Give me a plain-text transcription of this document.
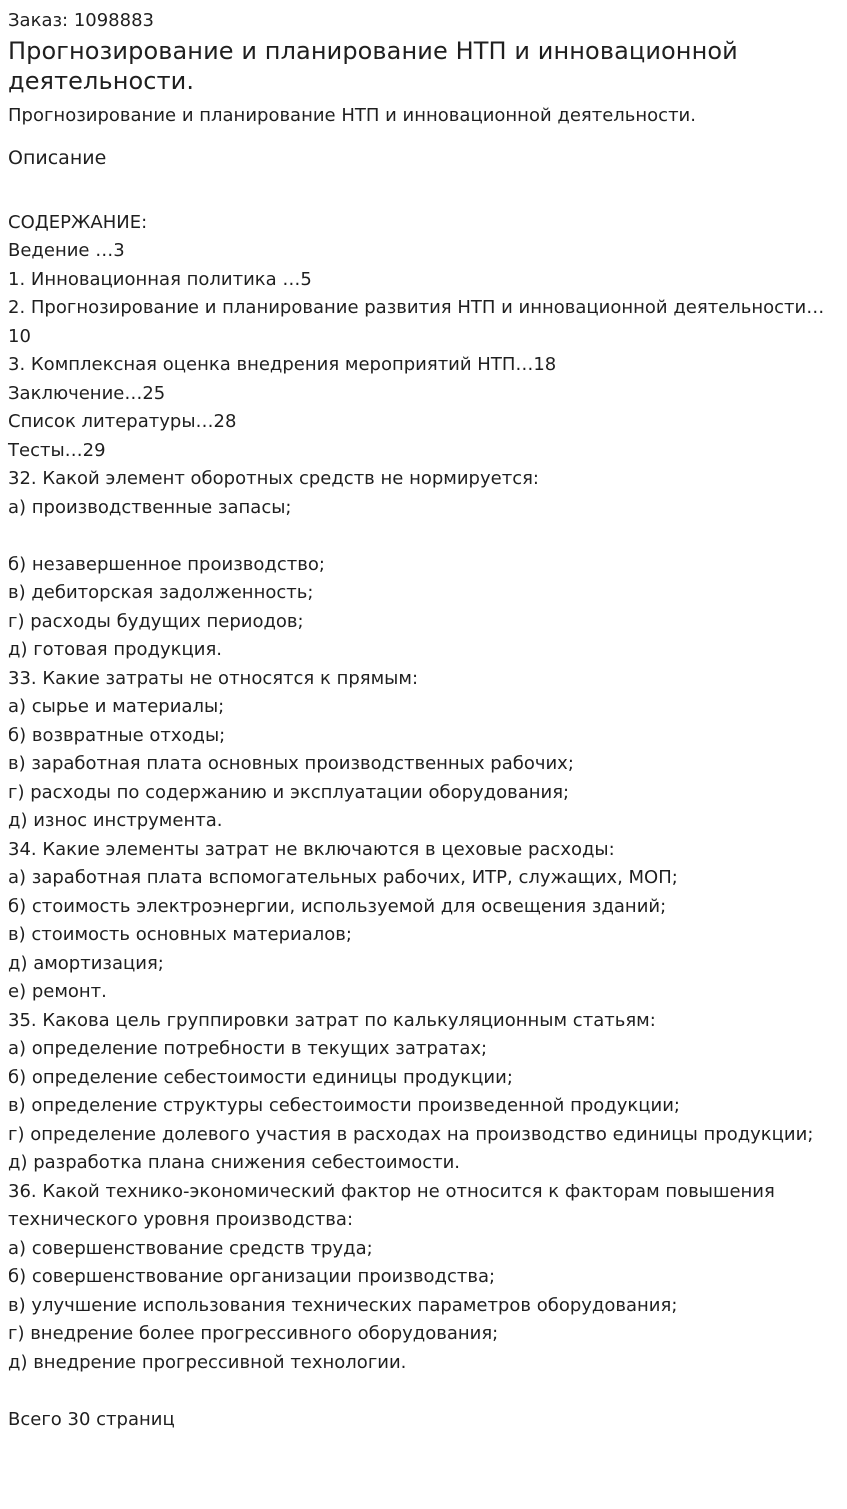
Заказ: 1098883
Прогнозирование и планирование НТП и инновационной деятельности.
Прогнозирование и планирование НТП и инновационной деятельности.
Описание
СОДЕРЖАНИЕ:
Ведение …3
1. Инновационная политика …5
2. Прогнозирование и планирование развития НТП и инновационной деятельности…10
3. Комплексная оценка внедрения мероприятий НТП…18
Заключение…25
Список литературы…28
Тесты…29
32. Какой элемент оборотных средств не нормируется:
а) производственные запасы;
б) незавершенное производство;
в) дебиторская задолженность;
г) расходы будущих периодов;
д) готовая продукция.
33. Какие затраты не относятся к прямым:
а) сырье и материалы;
б) возвратные отходы;
в) заработная плата основных производственных рабочих;
г) расходы по содержанию и эксплуатации оборудования;
д) износ инструмента.
34. Какие элементы затрат не включаются в цеховые расходы:
а) заработная плата вспомогательных рабочих, ИТР, служащих, МОП;
б) стоимость электроэнергии, используемой для освещения зданий;
в) стоимость основных материалов;
д) амортизация;
е) ремонт.
35. Какова цель группировки затрат по калькуляционным статьям:
а) определение потребности в текущих затратах;
б) определение себестоимости единицы продукции;
в) определение структуры себестоимости произведенной продукции;
г) определение долевого участия в расходах на производство единицы продукции;
д) разработка плана снижения себестоимости.
36. Какой технико-экономический фактор не относится к факторам повышения технического уровня производства:
а) совершенствование средств труда;
б) совершенствование организации производства;
в) улучшение использования технических параметров оборудования;
г) внедрение более прогрессивного оборудования;
д) внедрение прогрессивной технологии.
Всего 30 страниц
